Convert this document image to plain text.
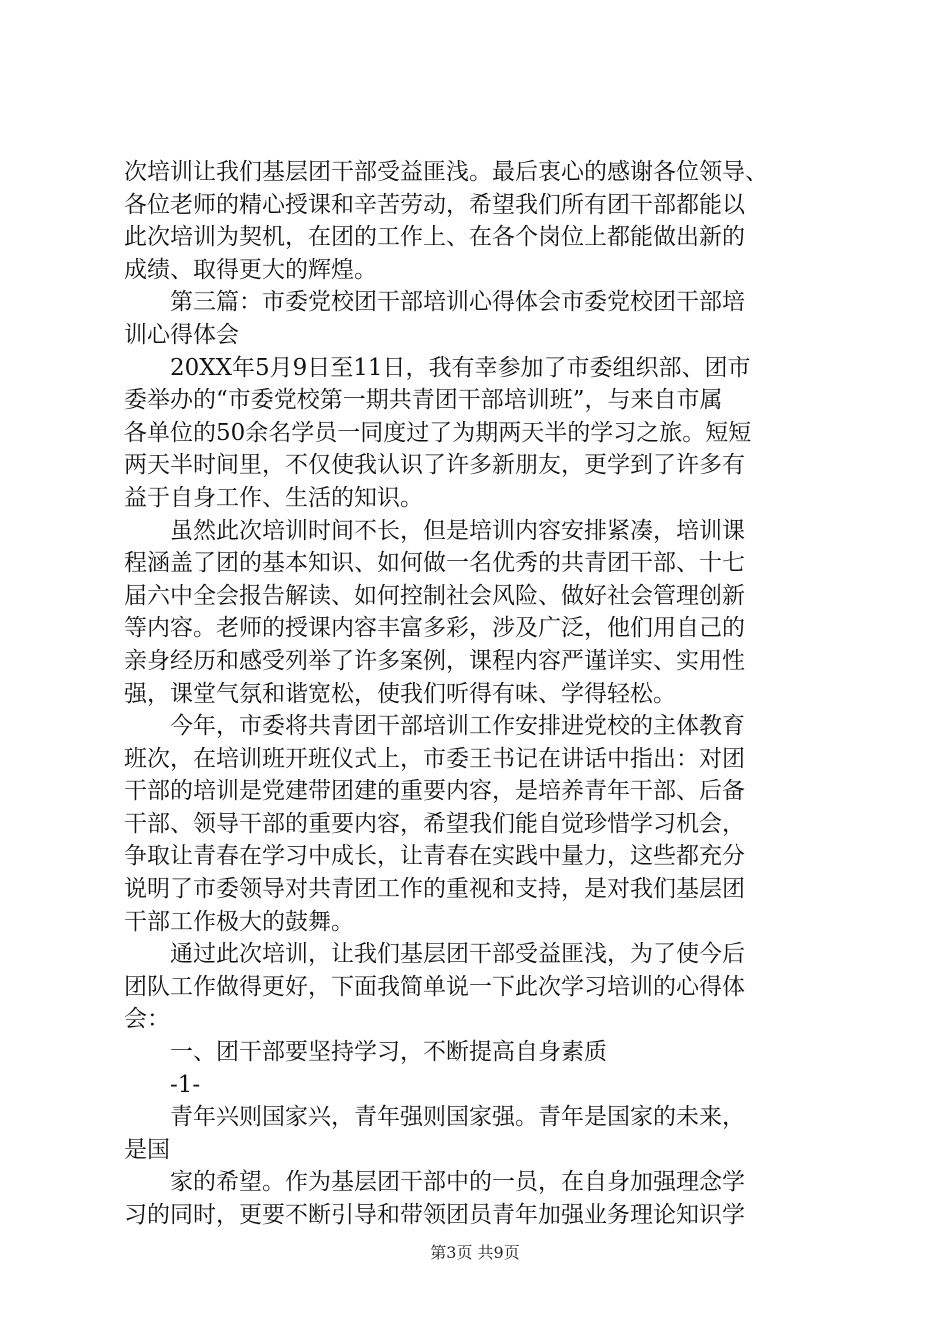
次培训让我们基层团干部受益匪浅。最后衷心的感谢各位领导、
各位老师的精心授课和辛苦劳动，希望我们所有团干部都能以
此次培训为契机，在团的工作上、在各个岗位上都能做出新的
成绩、取得更大的辉煌。
第三篇：市委党校团干部培训心得体会市委党校团干部培
训心得体会
20XX年5月9日至11日，我有幸参加了市委组织部、团市
委举办的“市委党校第一期共青团干部培训班”，与来自市属
各单位的50余名学员一同度过了为期两天半的学习之旅。短短
两天半时间里，不仅使我认识了许多新朋友，更学到了许多有
益于自身工作、生活的知识。
虽然此次培训时间不长，但是培训内容安排紧凑，培训课
程涵盖了团的基本知识、如何做一名优秀的共青团干部、十七
届六中全会报告解读、如何控制社会风险、做好社会管理创新
等内容。老师的授课内容丰富多彩，涉及广泛，他们用自己的
亲身经历和感受列举了许多案例，课程内容严谨详实、实用性
强，课堂气氛和谐宽松，使我们听得有味、学得轻松。
今年，市委将共青团干部培训工作安排进党校的主体教育
班次，在培训班开班仪式上，市委王书记在讲话中指出：对团
干部的培训是党建带团建的重要内容，是培养青年干部、后备
干部、领导干部的重要内容，希望我们能自觉珍惜学习机会，
争取让青春在学习中成长，让青春在实践中量力，这些都充分
说明了市委领导对共青团工作的重视和支持，是对我们基层团
干部工作极大的鼓舞。
通过此次培训，让我们基层团干部受益匪浅，为了使今后
团队工作做得更好，下面我简单说一下此次学习培训的心得体
会：
一、团干部要坚持学习，不断提高自身素质
-1-
青年兴则国家兴，青年强则国家强。青年是国家的未来，
是国
家的希望。作为基层团干部中的一员，在自身加强理念学
习的同时，更要不断引导和带领团员青年加强业务理论知识学
第3页 共9页
